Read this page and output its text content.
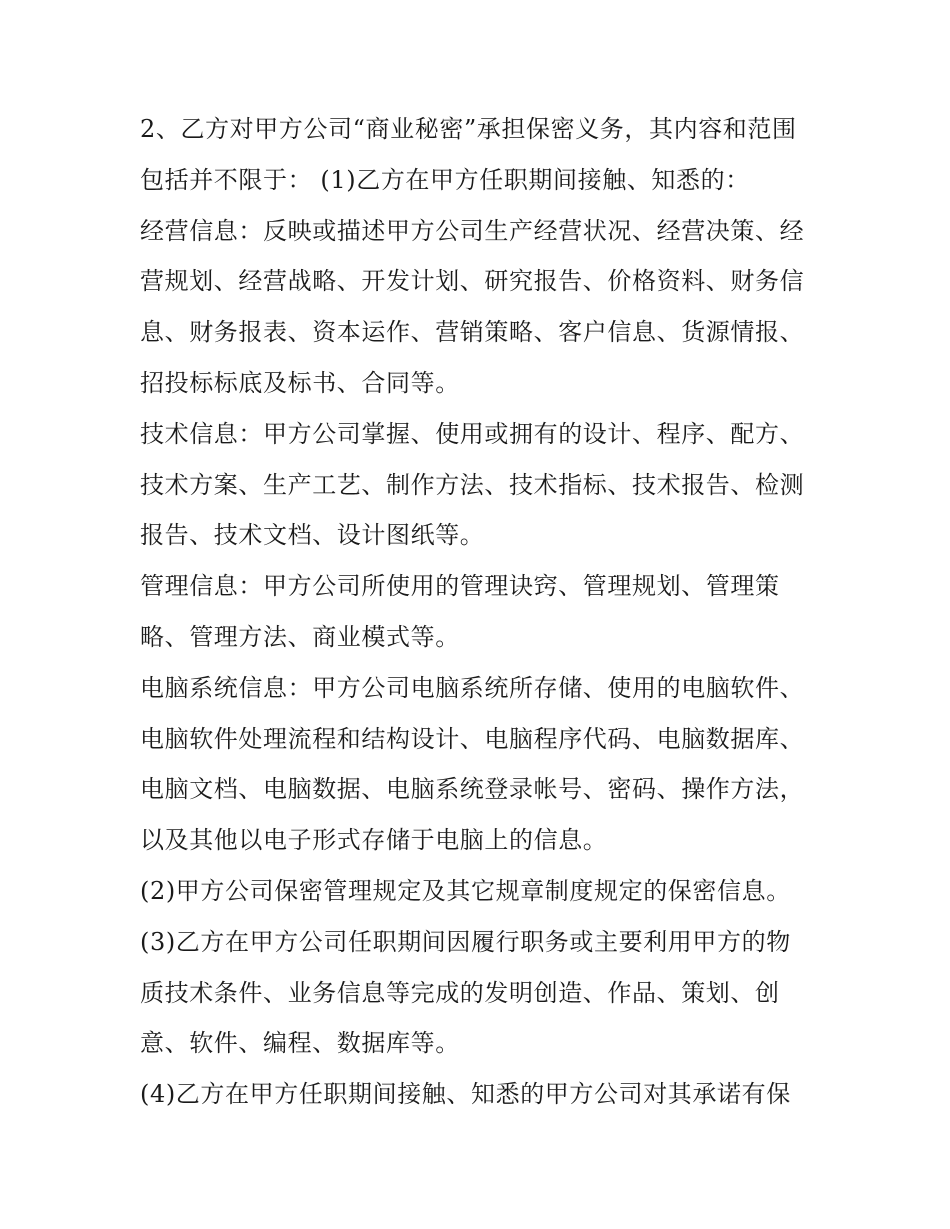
2、乙方对甲方公司“商业秘密”承担保密义务，其内容和范围
包括并不限于： (1)乙方在甲方任职期间接触、知悉的：
经营信息：反映或描述甲方公司生产经营状况、经营决策、经
营规划、经营战略、开发计划、研究报告、价格资料、财务信
息、财务报表、资本运作、营销策略、客户信息、货源情报、
招投标标底及标书、合同等。
技术信息：甲方公司掌握、使用或拥有的设计、程序、配方、
技术方案、生产工艺、制作方法、技术指标、技术报告、检测
报告、技术文档、设计图纸等。
管理信息：甲方公司所使用的管理诀窍、管理规划、管理策
略、管理方法、商业模式等。
电脑系统信息：甲方公司电脑系统所存储、使用的电脑软件、
电脑软件处理流程和结构设计、电脑程序代码、电脑数据库、
电脑文档、电脑数据、电脑系统登录帐号、密码、操作方法，
以及其他以电子形式存储于电脑上的信息。
(2)甲方公司保密管理规定及其它规章制度规定的保密信息。
(3)乙方在甲方公司任职期间因履行职务或主要利用甲方的物
质技术条件、业务信息等完成的发明创造、作品、策划、创
意、软件、编程、数据库等。
(4)乙方在甲方任职期间接触、知悉的甲方公司对其承诺有保
